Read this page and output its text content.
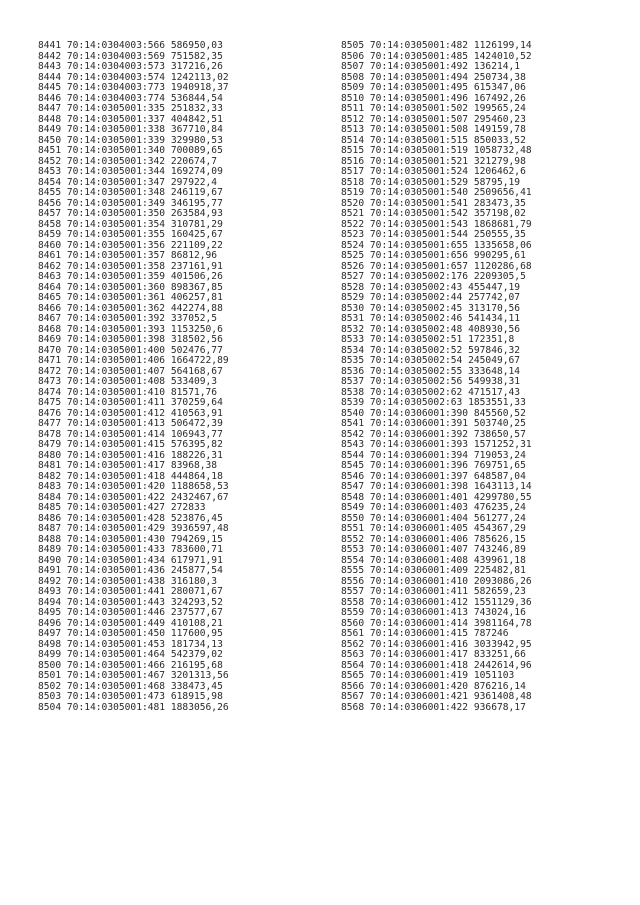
8441 70:14:0304003:566 586950,03
8442 70:14:0304003:569 751582,35
8443 70:14:0304003:573 317216,26
8444 70:14:0304003:574 1242113,02
8445 70:14:0304003:773 1940918,37
8446 70:14:0304003:774 536844,54
8447 70:14:0305001:335 251832,33
8448 70:14:0305001:337 404842,51
8449 70:14:0305001:338 367710,84
8450 70:14:0305001:339 329980,53
8451 70:14:0305001:340 700089,65
8452 70:14:0305001:342 220674,7
8453 70:14:0305001:344 169274,09
8454 70:14:0305001:347 297922,4
8455 70:14:0305001:348 246119,67
8456 70:14:0305001:349 346195,77
8457 70:14:0305001:350 263584,93
8458 70:14:0305001:354 310781,29
8459 70:14:0305001:355 160425,67
8460 70:14:0305001:356 221109,22
8461 70:14:0305001:357 86812,96
8462 70:14:0305001:358 237161,91
8463 70:14:0305001:359 401506,26
8464 70:14:0305001:360 898367,85
8465 70:14:0305001:361 406257,81
8466 70:14:0305001:362 442274,88
8467 70:14:0305001:392 337052,5
8468 70:14:0305001:393 1153250,6
8469 70:14:0305001:398 318502,56
8470 70:14:0305001:400 502476,77
8471 70:14:0305001:406 1664722,89
8472 70:14:0305001:407 564168,67
8473 70:14:0305001:408 533409,3
8474 70:14:0305001:410 81571,76
8475 70:14:0305001:411 370259,64
8476 70:14:0305001:412 410563,91
8477 70:14:0305001:413 506472,39
8478 70:14:0305001:414 106943,77
8479 70:14:0305001:415 576395,82
8480 70:14:0305001:416 188226,31
8481 70:14:0305001:417 83968,38
8482 70:14:0305001:418 444864,18
8483 70:14:0305001:420 1188658,53
8484 70:14:0305001:422 2432467,67
8485 70:14:0305001:427 272833
8486 70:14:0305001:428 523876,45
8487 70:14:0305001:429 3936597,48
8488 70:14:0305001:430 794269,15
8489 70:14:0305001:433 783600,71
8490 70:14:0305001:434 617971,91
8491 70:14:0305001:436 245877,54
8492 70:14:0305001:438 316180,3
8493 70:14:0305001:441 280071,67
8494 70:14:0305001:443 324293,52
8495 70:14:0305001:446 237577,67
8496 70:14:0305001:449 410108,21
8497 70:14:0305001:450 117600,95
8498 70:14:0305001:453 181734,13
8499 70:14:0305001:464 542379,02
8500 70:14:0305001:466 216195,68
8501 70:14:0305001:467 3201313,56
8502 70:14:0305001:468 338473,45
8503 70:14:0305001:473 618915,98
8504 70:14:0305001:481 1883056,26
8505 70:14:0305001:482 1126199,14
8506 70:14:0305001:485 1424010,52
8507 70:14:0305001:492 136214,1
8508 70:14:0305001:494 250734,38
8509 70:14:0305001:495 615347,06
8510 70:14:0305001:496 167492,26
8511 70:14:0305001:502 199565,24
8512 70:14:0305001:507 295460,23
8513 70:14:0305001:508 149159,78
8514 70:14:0305001:515 850033,52
8515 70:14:0305001:519 1058732,48
8516 70:14:0305001:521 321279,98
8517 70:14:0305001:524 1206462,6
8518 70:14:0305001:529 58795,19
8519 70:14:0305001:540 2509656,41
8520 70:14:0305001:541 283473,35
8521 70:14:0305001:542 357198,02
8522 70:14:0305001:543 1868681,79
8523 70:14:0305001:544 250555,35
8524 70:14:0305001:655 1335658,06
8525 70:14:0305001:656 990295,61
8526 70:14:0305001:657 1120286,68
8527 70:14:0305002:176 2209305,5
8528 70:14:0305002:43 455447,19
8529 70:14:0305002:44 257742,07
8530 70:14:0305002:45 313170,56
8531 70:14:0305002:46 541434,11
8532 70:14:0305002:48 408930,56
8533 70:14:0305002:51 172351,8
8534 70:14:0305002:52 597846,32
8535 70:14:0305002:54 245049,67
8536 70:14:0305002:55 333648,14
8537 70:14:0305002:56 549938,31
8538 70:14:0305002:62 471517,43
8539 70:14:0305002:63 1853551,33
8540 70:14:0306001:390 845560,52
8541 70:14:0306001:391 503740,25
8542 70:14:0306001:392 738650,57
8543 70:14:0306001:393 1571252,31
8544 70:14:0306001:394 719053,24
8545 70:14:0306001:396 769751,65
8546 70:14:0306001:397 648587,04
8547 70:14:0306001:398 1643113,14
8548 70:14:0306001:401 4299780,55
8549 70:14:0306001:403 476235,24
8550 70:14:0306001:404 561277,24
8551 70:14:0306001:405 454367,29
8552 70:14:0306001:406 785626,15
8553 70:14:0306001:407 743246,89
8554 70:14:0306001:408 439961,18
8555 70:14:0306001:409 225482,81
8556 70:14:0306001:410 2093086,26
8557 70:14:0306001:411 582659,23
8558 70:14:0306001:412 1551129,36
8559 70:14:0306001:413 743024,16
8560 70:14:0306001:414 3981164,78
8561 70:14:0306001:415 787246
8562 70:14:0306001:416 3033942,95
8563 70:14:0306001:417 833251,66
8564 70:14:0306001:418 2442614,96
8565 70:14:0306001:419 1051103
8566 70:14:0306001:420 876216,14
8567 70:14:0306001:421 9361408,48
8568 70:14:0306001:422 936678,17
